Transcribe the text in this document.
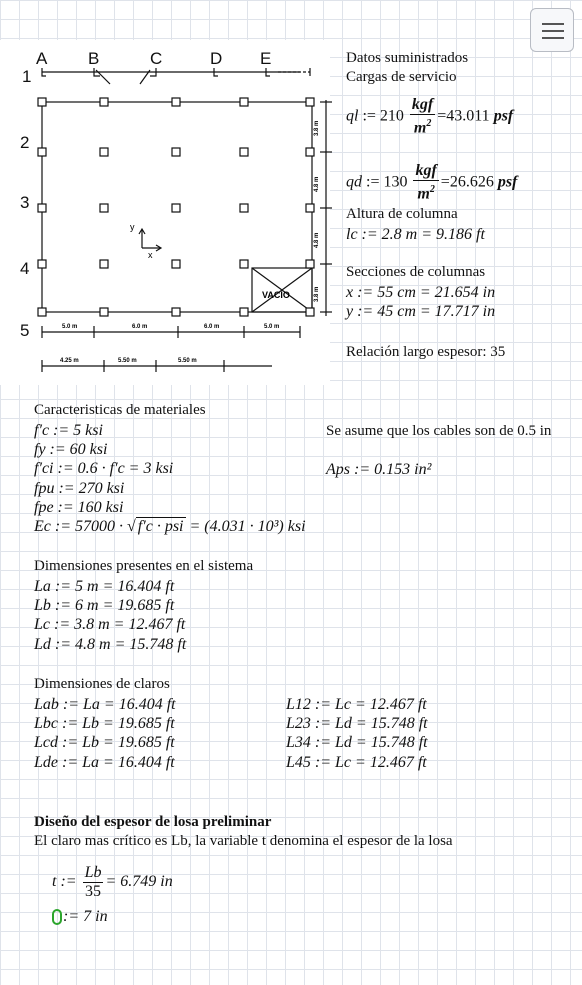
A B	C	D E
1
2
3
4
5
VACIO
y
x
5.0 m	6.0 m	6.0 m	5.0 m
4.25 m	5.50 m	5.50 m
3.8 m
4.8 m
4.8 m
3.8 m
Datos suministrados
Cargas de servicio
ql := $210 \frac{\text{kgf}}{m^2} =43.011$ psf
qd := $130 \frac{\text{kgf}}{m^2} =26.626$ psf
Altura de columna
lc := 2.8 m = 9.186 ft
Secciones de columnas
x := 55 cm = 21.654 in
y := 45 cm = 17.717 in
Relación largo espesor: 35
Caracteristicas de materiales
f′c := 5 ksi
fy := 60 ksi
f′ci := 0.6 · f′c = 3 ksi
fpu := 270 ksi
fpe := 160 ksi
Ec := 57000 · √ f′c · psi = (4.031 · 10³) ksi
Se asume que los cables son de 0.5 in
Aps := 0.153 in²
Dimensiones presentes en el sistema
La := 5 m = 16.404 ft
Lb := 6 m = 19.685 ft
Lc := 3.8 m = 12.467 ft
Ld := 4.8 m = 15.748 ft
Dimensiones de claros
Lab := La = 16.404 ft
Lbc := Lb = 19.685 ft
Lcd := Lb = 19.685 ft
Lde := La = 16.404 ft
L12 := Lc = 12.467 ft
L23 := Ld = 15.748 ft
L34 := Ld = 15.748 ft
L45 := Lc = 12.467 ft
Diseño del espesor de losa preliminar
El claro mas crítico es Lb, la variable t denomina el espesor de la losa
t := $\frac{Lb}{35} = 6.749$ in
:= 7 in
